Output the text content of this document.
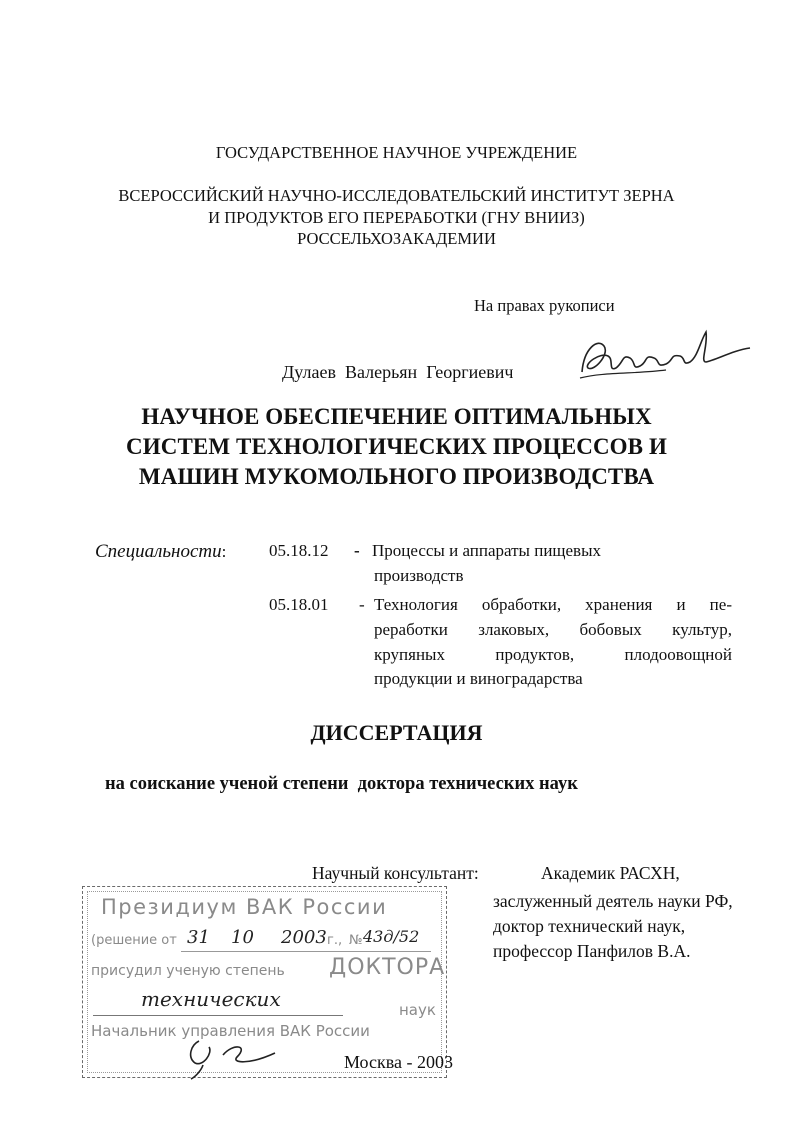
ГОСУДАРСТВЕННОЕ НАУЧНОЕ УЧРЕЖДЕНИЕ
ВСЕРОССИЙСКИЙ НАУЧНО-ИССЛЕДОВАТЕЛЬСКИЙ ИНСТИТУТ ЗЕРНА
И ПРОДУКТОВ ЕГО ПЕРЕРАБОТКИ (ГНУ ВНИИЗ)
РОССЕЛЬХОЗАКАДЕМИИ
На правах рукописи
Дулаев  Валерьян  Георгиевич
НАУЧНОЕ ОБЕСПЕЧЕНИЕ ОПТИМАЛЬНЫХ
СИСТЕМ ТЕХНОЛОГИЧЕСКИХ ПРОЦЕССОВ И
МАШИН МУКОМОЛЬНОГО ПРОИЗВОДСТВА
Специальности:	05.18.12 - Процессы и аппараты пищевых
производств
05.18.01 - Технология обработки, хранения и пе-
реработки злаковых, бобовых культур,
крупяных продуктов, плодоовощной
продукции и виноградарства
ДИССЕРТАЦИЯ
на соискание ученой степени  доктора технических наук
Научный консультант:	Академик РАСХН,
заслуженный деятель науки РФ,
доктор технический наук,
профессор Панфилов В.А.
Президиум ВАК России
(решение от 31 10 2003 г., № 43д/52
присудил ученую степень ДОКТОРА
технических	наук
Начальник управления ВАК России
Москва - 2003
